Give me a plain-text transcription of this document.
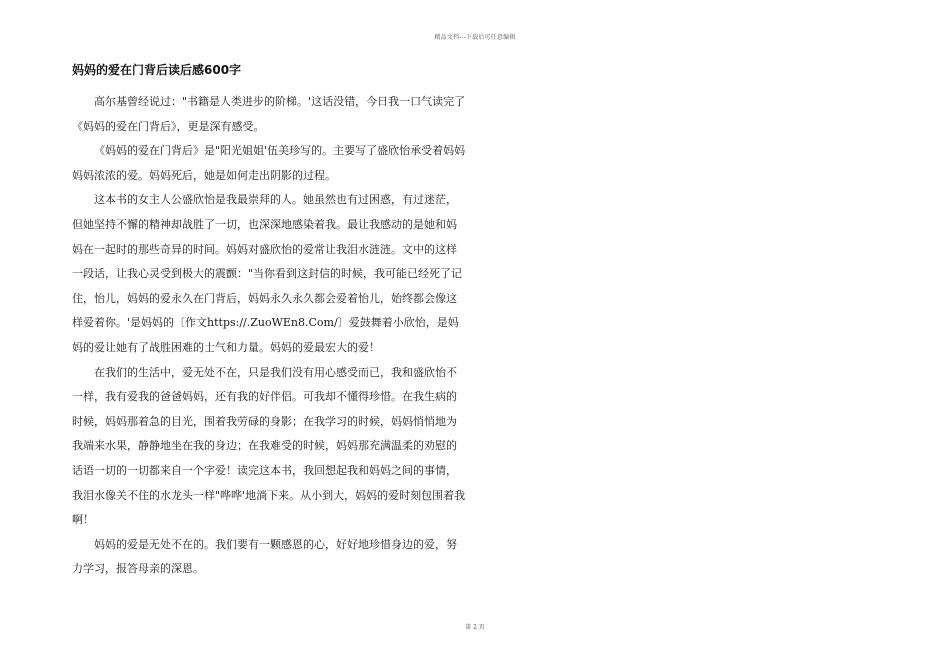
精品文档---下载后可任意编辑
妈妈的爱在门背后读后感600字

高尔基曾经说过："书籍是人类进步的阶梯。'这话没错，今日我一口气读完了《妈妈的爱在门背后》，更是深有感受。

《妈妈的爱在门背后》是"阳光姐姐'伍美珍写的。主要写了盛欣怡承受着妈妈妈妈浓浓的爱。妈妈死后，她是如何走出阴影的过程。

这本书的女主人公盛欣怡是我最崇拜的人。她虽然也有过困惑，有过迷茫，但她坚持不懈的精神却战胜了一切，也深深地感染着我。最让我感动的是她和妈妈在一起时的那些奇异的时间。妈妈对盛欣怡的爱常让我泪水涟涟。文中的这样一段话，让我心灵受到极大的震颤："当你看到这封信的时候，我可能已经死了记住，怡儿，妈妈的爱永久在门背后，妈妈永久永久都会爱着怡儿，始终都会像这样爱着你。'是妈妈的〔作文https://.ZuoWEn8.Com/〕爱鼓舞着小欣怡，是妈妈的爱让她有了战胜困难的士气和力量。妈妈的爱最宏大的爱！

在我们的生活中，爱无处不在，只是我们没有用心感受而已，我和盛欣怡不一样，我有爱我的爸爸妈妈，还有我的好伴侣。可我却不懂得珍惜。在我生病的时候，妈妈那着急的目光，围着我劳碌的身影；在我学习的时候，妈妈悄悄地为我端来水果，静静地坐在我的身边；在我难受的时候，妈妈那充满温柔的劝慰的话语一切的一切都来自一个字爱！读完这本书，我回想起我和妈妈之间的事情，我泪水像关不住的水龙头一样"哗哗'地淌下来。从小到大，妈妈的爱时刻包围着我啊！

妈妈的爱是无处不在的。我们要有一颗感恩的心，好好地珍惜身边的爱，努力学习，报答母亲的深恩。

第 2 页
